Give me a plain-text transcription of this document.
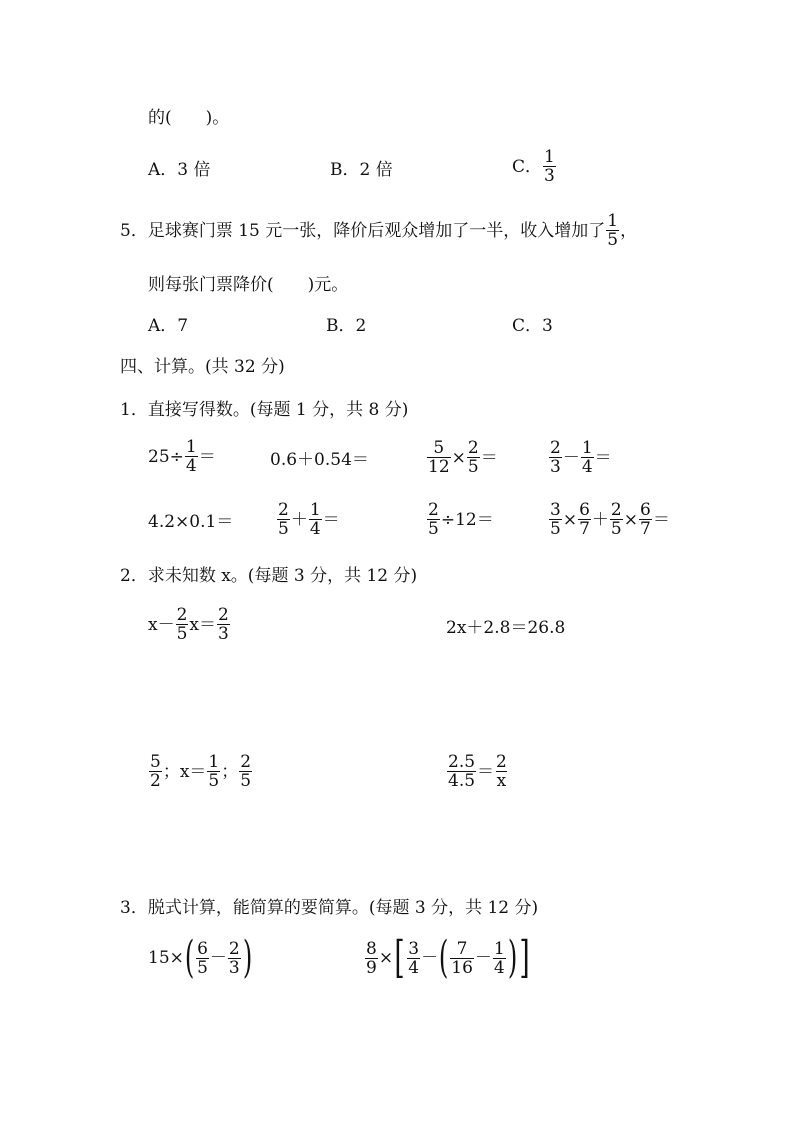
的(　　)。
A．3 倍	B．2 倍	C． $\frac{1}{3}$
5．足球赛门票 15 元一张，降价后观众增加了一半，收入增加了 $\frac{1}{5}$ ，
则每张门票降价(　　)元。
A．7	B．2	C．3
四、计算。(共 32 分)
1．直接写得数。(每题 1 分，共 8 分)
$25\div \frac{1}{4}$ ＝	0.6＋0.54＝	$\frac{5}{12} \times \frac{2}{5}$ ＝	$\frac{2}{3} - \frac{1}{4}$ ＝
4.2×0.1＝	$\frac{2}{5} + \frac{1}{4}$ ＝	$\frac{2}{5} \div 12=$	$\frac{3}{5} \times \frac{6}{7} + \frac{2}{5} \times \frac{6}{7}$ ＝
2．求未知数 x。(每题 3 分，共 12 分)
$x- \frac{2}{5} x= \frac{2}{3}$	2x＋2.8＝26.8
$\frac{5}{2}$ ；$x= \frac{1}{5}$ ； $\frac{2}{5}$	$\frac{2.5}{4.5} = \frac{2}{x}$
3．脱式计算，能简算的要简算。(每题 3 分，共 12 分)
15× ( $\frac{6}{5} - \frac{2}{3}$ )	$\frac{8}{9}$ × [ $\frac{3}{4}$ － ( $\frac{7}{16} - \frac{1}{4}$ ) ]
